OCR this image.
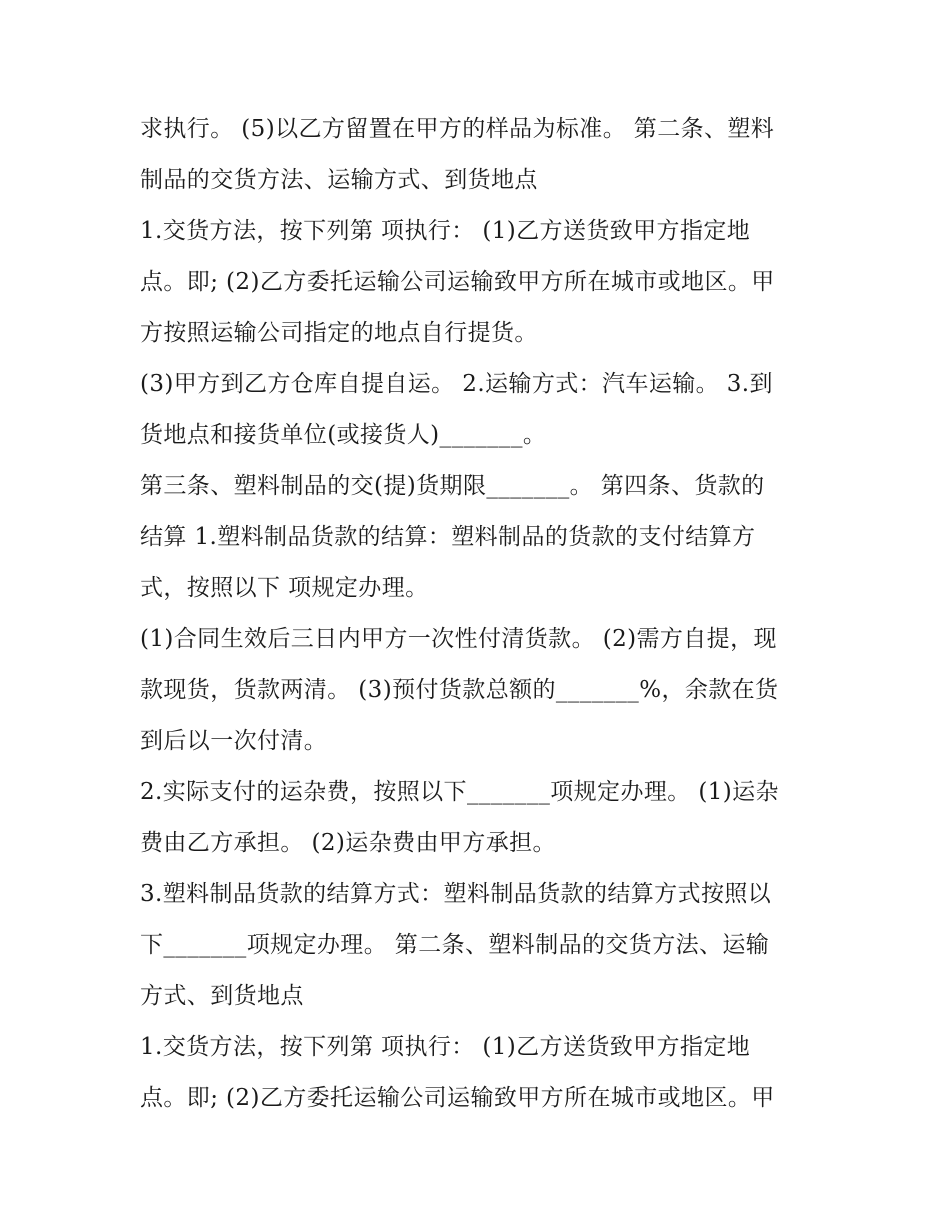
求执行。 (5)以乙方留置在甲方的样品为标准。 第二条、塑料
制品的交货方法、运输方式、到货地点
1.交货方法，按下列第 项执行： (1)乙方送货致甲方指定地
点。即; (2)乙方委托运输公司运输致甲方所在城市或地区。甲
方按照运输公司指定的地点自行提货。
(3)甲方到乙方仓库自提自运。 2.运输方式：汽车运输。 3.到
货地点和接货单位(或接货人)_______。
第三条、塑料制品的交(提)货期限_______。 第四条、货款的
结算 1.塑料制品货款的结算：塑料制品的货款的支付结算方
式，按照以下 项规定办理。
(1)合同生效后三日内甲方一次性付清货款。 (2)需方自提，现
款现货，货款两清。 (3)预付货款总额的_______%，余款在货
到后以一次付清。
2.实际支付的运杂费，按照以下_______项规定办理。 (1)运杂
费由乙方承担。 (2)运杂费由甲方承担。
3.塑料制品货款的结算方式：塑料制品货款的结算方式按照以
下_______项规定办理。 第二条、塑料制品的交货方法、运输
方式、到货地点
1.交货方法，按下列第 项执行： (1)乙方送货致甲方指定地
点。即; (2)乙方委托运输公司运输致甲方所在城市或地区。甲
